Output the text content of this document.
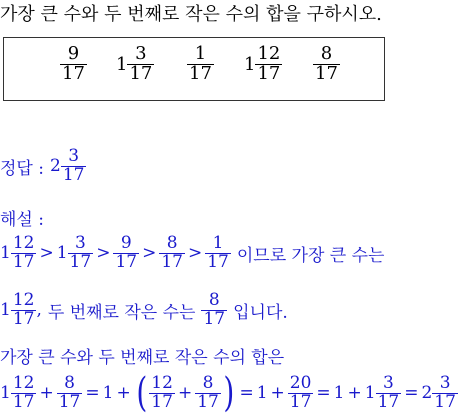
가장 큰 수와 두 번째로 작은 수의 합을 구하시오.
$\frac{9}{17} 1 \frac{3}{17} \frac{1}{17} 1 \frac{12}{17} \frac{8}{17}$
정답 : $2 \frac{3}{17}$
해설 :
$1 \frac{12}{17} > 1 \frac{3}{17} > \frac{9}{17} > \frac{8}{17} > \frac{1}{17}$ 이므로 가장 큰 수는
$1 \frac{12}{17}$ , 두 번째로 작은 수는 $\frac{8}{17}$ 입니다.
가장 큰 수와 두 번째로 작은 수의 합은
$1 \frac{12}{17} + \frac{8}{17} = 1$ + ( $\frac{12}{17} + \frac{8}{17}$ ) = $1 + \frac{20}{17} = 1 + 1 \frac{3}{17} = 2 \frac{3}{17}$
